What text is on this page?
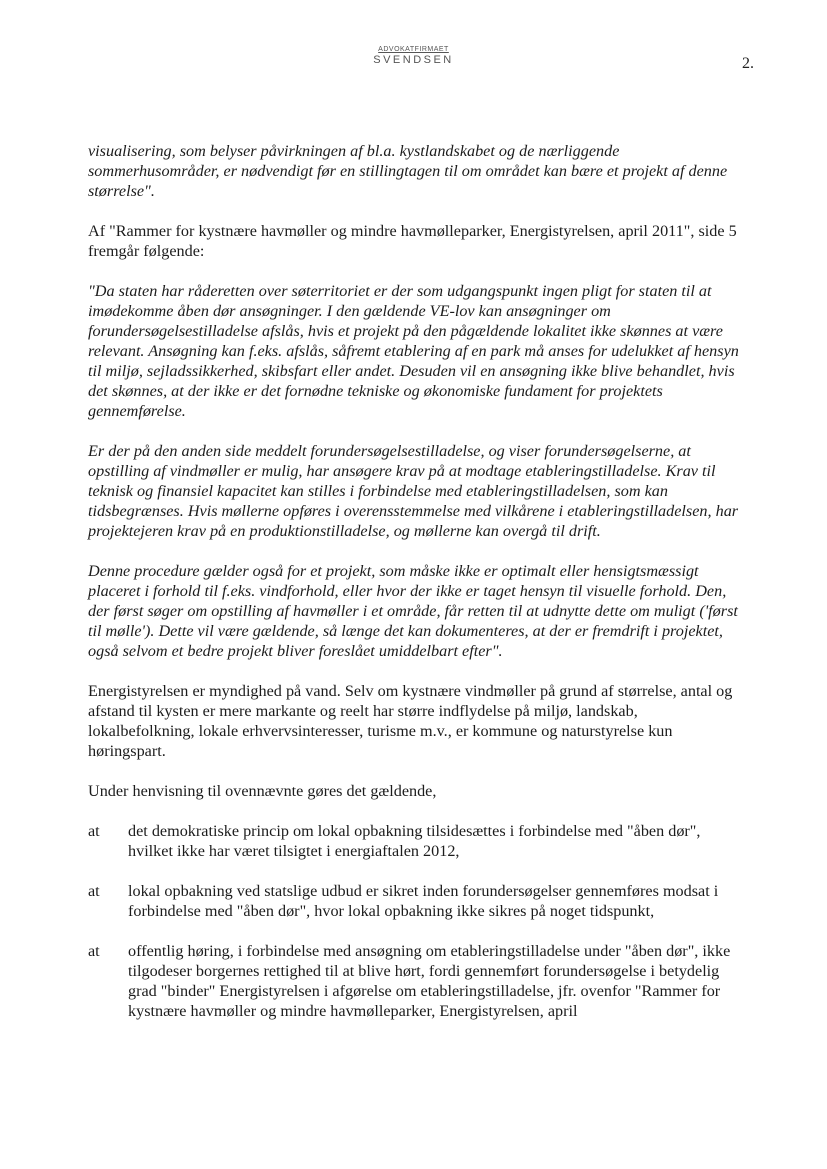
ADVOKATFIRMAET
SVENDSEN	2.

visualisering, som belyser påvirkningen af bl.a. kystlandskabet og de nærliggende sommerhusområder, er nødvendigt før en stillingtagen til om området kan bære et projekt af denne størrelse".

Af "Rammer for kystnære havmøller og mindre havmølleparker, Energistyrelsen, april 2011", side 5 fremgår følgende:

"Da staten har råderetten over søterritoriet er der som udgangspunkt ingen pligt for staten til at imødekomme åben dør ansøgninger. I den gældende VE-lov kan ansøgninger om forundersøgelsestilladelse afslås, hvis et projekt på den pågældende lokalitet ikke skønnes at være relevant. Ansøgning kan f.eks. afslås, såfremt etablering af en park må anses for udelukket af hensyn til miljø, sejladssikkerhed, skibsfart eller andet. Desuden vil en ansøgning ikke blive behandlet, hvis det skønnes, at der ikke er det fornødne tekniske og økonomiske fundament for projektets gennemførelse.

Er der på den anden side meddelt forundersøgelsestilladelse, og viser forundersøgelserne, at opstilling af vindmøller er mulig, har ansøgere krav på at modtage etableringstilladelse. Krav til teknisk og finansiel kapacitet kan stilles i forbindelse med etableringstilladelsen, som kan tidsbegrænses. Hvis møllerne opføres i overensstemmelse med vilkårene i etableringstilladelsen, har projektejeren krav på en produktionstilladelse, og møllerne kan overgå til drift.

Denne procedure gælder også for et projekt, som måske ikke er optimalt eller hensigtsmæssigt placeret i forhold til f.eks. vindforhold, eller hvor der ikke er taget hensyn til visuelle forhold. Den, der først søger om opstilling af havmøller i et område, får retten til at udnytte dette om muligt ('først til mølle'). Dette vil være gældende, så længe det kan dokumenteres, at der er fremdrift i projektet, også selvom et bedre projekt bliver foreslået umiddelbart efter".

Energistyrelsen er myndighed på vand. Selv om kystnære vindmøller på grund af størrelse, antal og afstand til kysten er mere markante og reelt har større indflydelse på miljø, landskab, lokalbefolkning, lokale erhvervsinteresser, turisme m.v., er kommune og naturstyrelse kun høringspart.

Under henvisning til ovennævnte gøres det gældende,

at	det demokratiske princip om lokal opbakning tilsidesættes i forbindelse med "åben dør", hvilket ikke har været tilsigtet i energiaftalen 2012,
at	lokal opbakning ved statslige udbud er sikret inden forundersøgelser gennemføres modsat i forbindelse med "åben dør", hvor lokal opbakning ikke sikres på noget tidspunkt,
at	offentlig høring, i forbindelse med ansøgning om etableringstilladelse under "åben dør", ikke tilgodeser borgernes rettighed til at blive hørt, fordi gennemført forundersøgelse i betydelig grad "binder" Energistyrelsen i afgørelse om etableringstilladelse, jfr. ovenfor "Rammer for kystnære havmøller og mindre havmølleparker, Energistyrelsen, april
